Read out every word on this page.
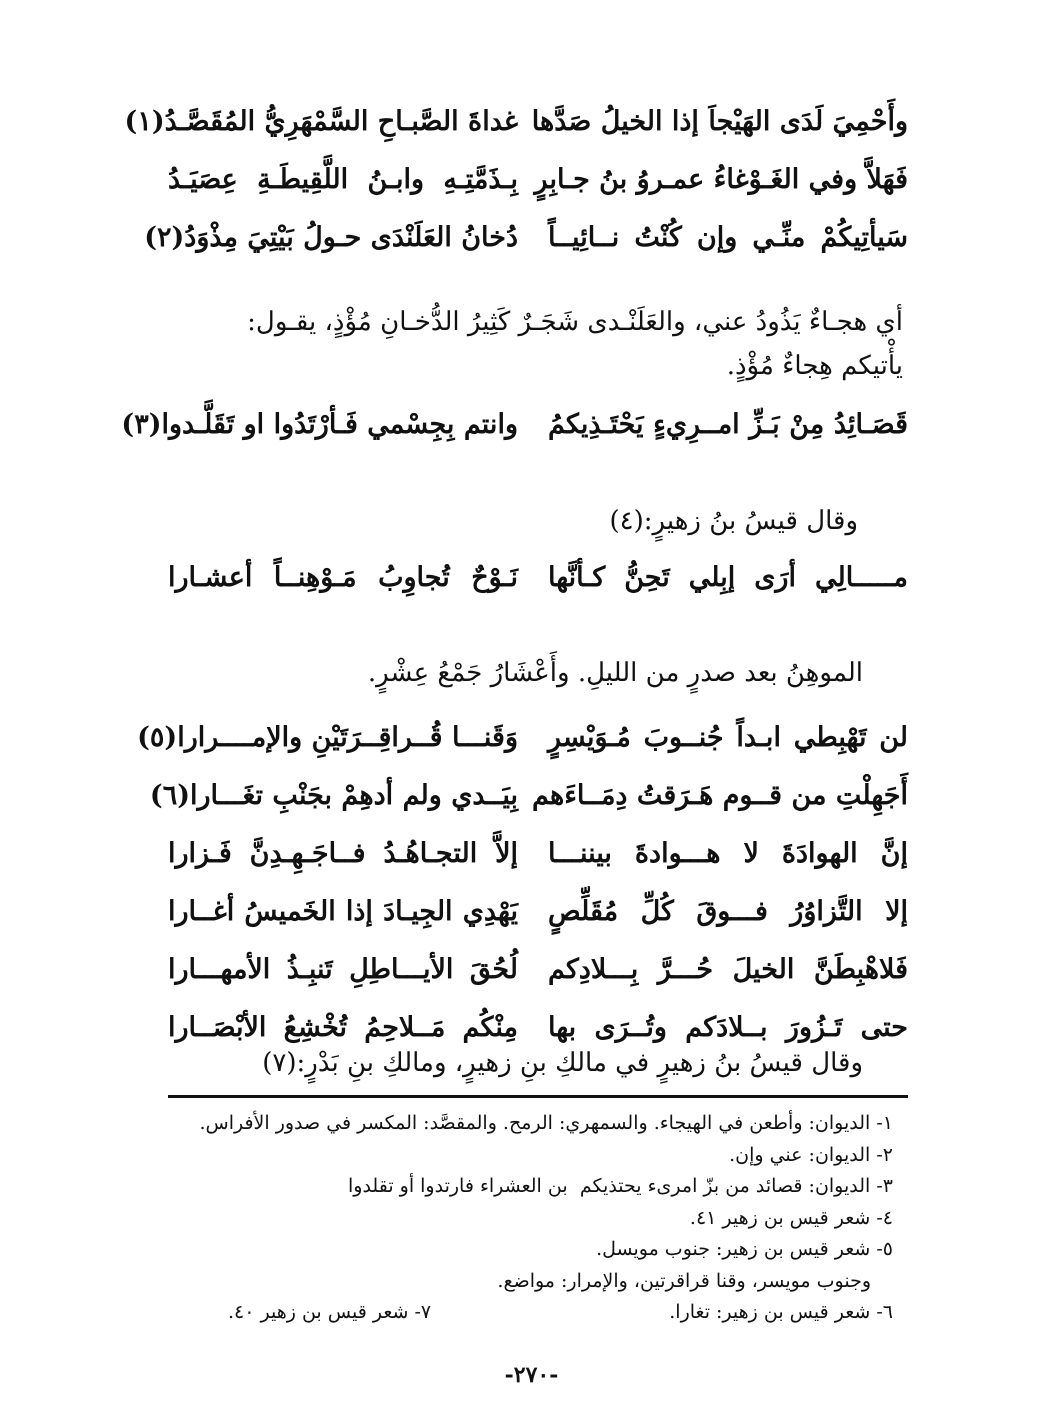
وأَحْمِيَ لَدَى الهَيْجاَ إذا الخيلُ صَدَّها
غداةَ الصَّبـاحِ السَّمْهَرِيُّ المُقَصَّـدُ(١)
فَهَلاَّ وفي الغَـوْغاءُ عمـروُ بنُ جـابِرٍ
بِـذَمَّتِـهِ وابـنُ اللَّقِيطَـةِ عِصَيَـدُ
سَيأتِيكُمْ منِّـي وإن كُنْتُ نــائِيــاً
دُخانُ العَلَنْدَى حـولُ بَيْتِيَ مِذْوَدُ(٢)
أي هجـاءٌ يَذُودُ عني، والعَلَنْـدى شَجَـرٌ كَثِيرُ الدُّخـانِ مُؤْذٍ، يقـول:
يأْتيكم هِجاءٌ مُؤْذٍ.
قَصَـائِدُ مِنْ بَـزِّ امــرِيءٍ يَحْتَـذِيكمُ
وانتم بِجِسْمي فَـأرْتَدُوا او تَقَلَّـدوا(٣)
وقال قيسُ بنُ زهيرٍ:(٤)
مـــــالِي أرَى إبِلي تَحِنُّ كـأنَّها
نَـوْحٌ تُجاوِبُ مَـوْهِنــاً أعشـارا
الموهِنُ بعد صدرٍ من الليلِ. وأَعْشَارُ جَمْعُ عِشْرٍ.
لن تَهْبِطي ابـداً جُنــوبَ مُـوَيْسِرٍ
وَقَنـــا قُــراقِــرَتَيْنِ والإمــــرارا(٥)
أَجَهِلْتِ من قــوم هَـرَقتُ دِمَــاءَهم
بِيَــدي ولم أدهِمْ بجَنْبِ تغَـــارا(٦)
إنَّ الهوادَةَ لا هـــوادةَ بيننـــا
إلاَّ التجـاهُـدُ فــاجَـهِـدِنَّ فَـزارا
إلا التَّزاوُرُ فـــوقَ كُلِّ مُقَلِّصٍ
يَهْدِي الجِيـادَ إذا الخَميسُ أغــارا
فَلاهْبِطَنَّ الخيلَ حُـــرَّ بِـــلادِكم
لُحُقَ الأيـــاطِلِ تَنبِـذُ الأمهـــارا
حتى تَـزُورَ بــلادَكم وتُــرَى بها
مِنْكُم مَــلاحِمُ تُخْشِعُ الأبْصَــارا
وقال قيسُ بنُ زهيرٍ في مالكِ بنِ زهيرٍ، ومالكِ بنِ بَدْرٍ:(٧)
١- الديوان: وأطعن في الهيجاء. والسمهري: الرمح. والمقصَّد: المكسر في صدور الأفراس.
٢- الديوان: عني وإن.
٣- الديوان: قصائد من بزّ امرىء يحتذيكم
بن العشراء فارتدوا أو تقلدوا
٤- شعر قيس بن زهير ٤١.
٥- شعر قيس بن زهير: جنوب مويسل.
وجنوب مويسر، وقنا قراقرتين، والإمرار: مواضع.
٦- شعر قيس بن زهير: تغارا.
٧- شعر قيس بن زهير ٤٠.
-٢٧٠-
